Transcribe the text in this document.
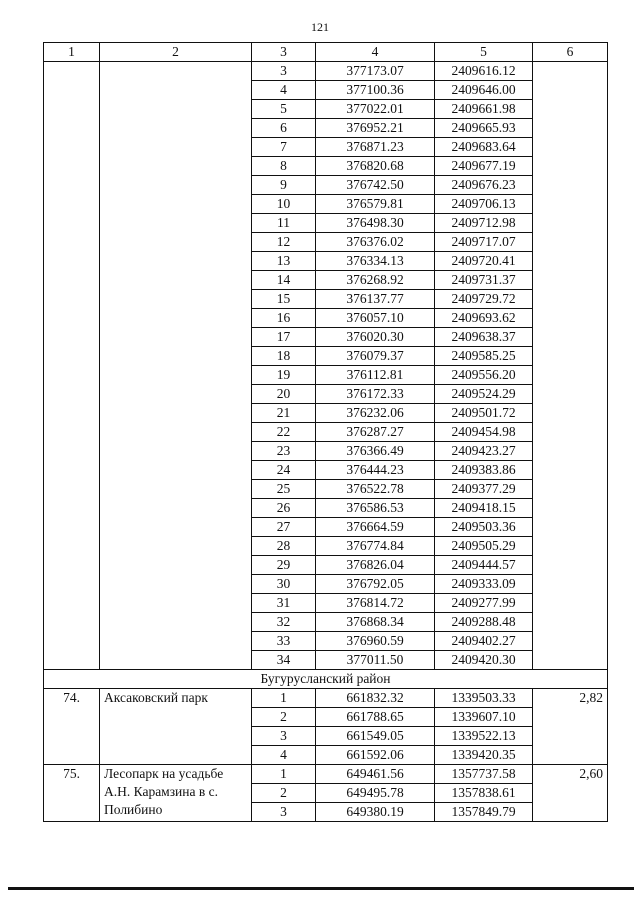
121
1	2	3	4	5	6
		3	377173.07	2409616.12	
		4	377100.36	2409646.00	
		5	377022.01	2409661.98	
		6	376952.21	2409665.93	
		7	376871.23	2409683.64	
		8	376820.68	2409677.19	
		9	376742.50	2409676.23	
		10	376579.81	2409706.13	
		11	376498.30	2409712.98	
		12	376376.02	2409717.07	
		13	376334.13	2409720.41	
		14	376268.92	2409731.37	
		15	376137.77	2409729.72	
		16	376057.10	2409693.62	
		17	376020.30	2409638.37	
		18	376079.37	2409585.25	
		19	376112.81	2409556.20	
		20	376172.33	2409524.29	
		21	376232.06	2409501.72	
		22	376287.27	2409454.98	
		23	376366.49	2409423.27	
		24	376444.23	2409383.86	
		25	376522.78	2409377.29	
		26	376586.53	2409418.15	
		27	376664.59	2409503.36	
		28	376774.84	2409505.29	
		29	376826.04	2409444.57	
		30	376792.05	2409333.09	
		31	376814.72	2409277.99	
		32	376868.34	2409288.48	
		33	376960.59	2409402.27	
		34	377011.50	2409420.30	
Бугурусланский район					
74.	Аксаковский парк	1	661832.32	1339503.33	2,82
		2	661788.65	1339607.10	
		3	661549.05	1339522.13	
		4	661592.06	1339420.35	
75.	Лесопарк на усадьбе А.Н. Карамзина в с. Полибино	1	649461.56	1357737.58	2,60
		2	649495.78	1357838.61	
		3	649380.19	1357849.79	
